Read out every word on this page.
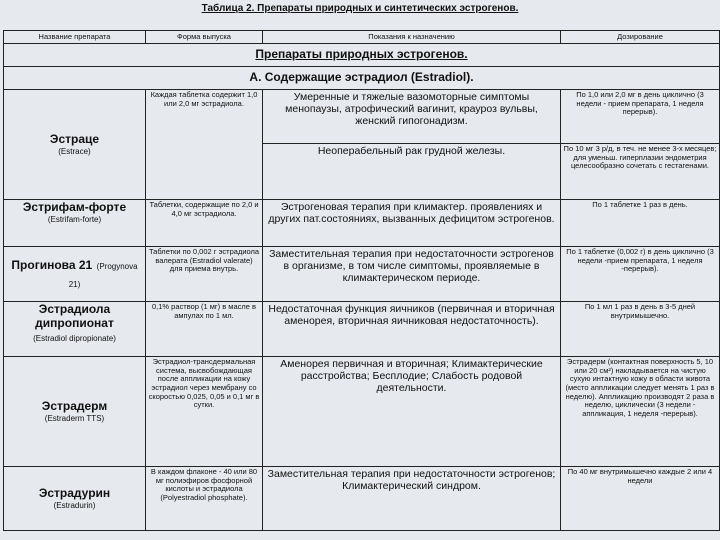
Таблица 2. Препараты природных и синтетических эстрогенов.
Название препарата	Форма выпуска	Показания к назначению	Дозирование
Препараты природных эстрогенов.			
А. Содержащие эстрадиол (Estradiol).			

Эстраце
(Estrace)	Каждая таблетка содержит 1,0 или 2,0 мг эстрадиола.	Умеренные и тяжелые вазомоторные симптомы менопаузы, атрофический вагинит, крауроз вульвы, женский гипогонадизм.	По 1,0 или 2,0 мг в день циклично (3 недели - прием препарата, 1 неделя перерыв).
		Неоперабельный рак грудной железы.	По 10 мг 3 р/д, в теч. не менее 3-х месяцев; для уменьш. гиперплазии эндометрия целесообразно сочетать с гестагенами.

Эстрифам-форте
(Estrifam-forte)	Таблетки, содержащие по 2,0 и 4,0 мг эстрадиола.	Эстрогеновая терапия при климактер. проявлениях и других пат.состояниях, вызванных дефицитом эстрогенов.	По 1 таблетке 1 раз в день.
Прогинова 21 (Progynova 21)	Таблетки по 0,002 г эстрадиола валерата (Estradiol valerate) для приема внутрь.	Заместительная терапия при недостаточности эстрогенов в организме, в том числе симптомы, проявляемые в климактерическом периоде.	По 1 таблетке (0,002 г) в день циклично (3 недели -прием препарата, 1 неделя -перерыв).

Эстрадиола дипропионат
(Estradiol dipropionate)	0,1% раствор (1 мг) в масле в ампулах по 1 мл.	Недостаточная функция яичников (первичная и вторичная аменорея, вторичная яичниковая недостаточность).	По 1 мл 1 раз в день в 3-5 дней внутримышечно.

Эстрадерм
(Estraderm TTS)	Эстрадиол-трансдермальная система, высвобождающая после аппликации на кожу эстрадиол через мембрану со скоростью 0,025, 0,05 и 0,1 мг в сутки.	Аменорея первичная и вторичная; Климактерические расстройства; Бесплодие; Слабость родовой деятельности.	Эстрадерм (контактная поверхность 5, 10 или 20 см²) накладывается на чистую сухую интактную кожу в области живота (место аппликации следует менять 1 раз в неделю). Аппликацию производят 2 раза в неделю, циклически (3 недели - аппликация, 1 неделя -перерыв).

Эстрадурин
(Estradurin)	В каждом флаконе - 40 или 80 мг полиэфиров фосфорной кислоты и эстрадиола (Polyestradiol phosphate).	Заместительная терапия при недостаточности эстрогенов; Климактерический синдром.	По 40 мг внутримышечно каждые 2 или 4 недели
